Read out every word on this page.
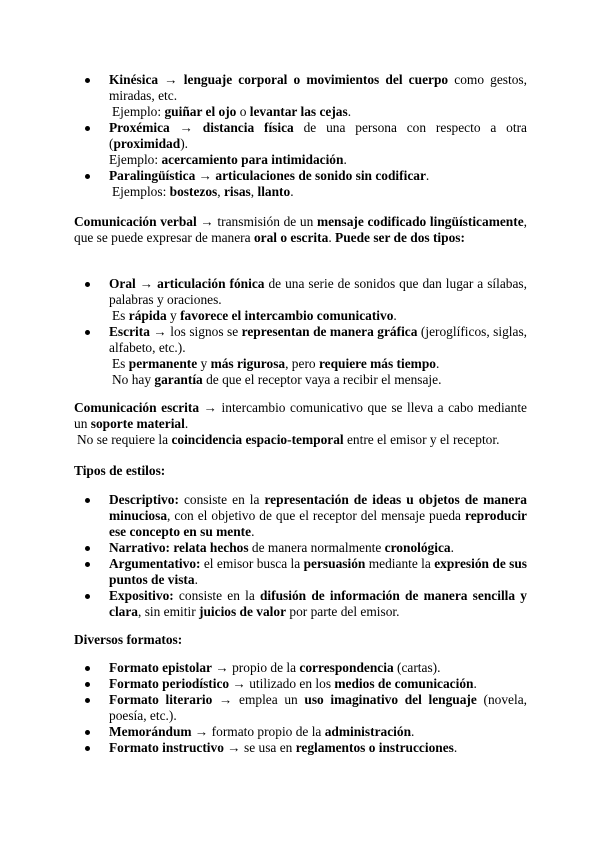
Kinésica → lenguaje corporal o movimientos del cuerpo como gestos, miradas, etc.
Ejemplo: guiñar el ojo o levantar las cejas.
Proxémica → distancia física de una persona con respecto a otra (proximidad).
Ejemplo: acercamiento para intimidación.
Paralingüística → articulaciones de sonido sin codificar.
Ejemplos: bostezos, risas, llanto.
Comunicación verbal → transmisión de un mensaje codificado lingüísticamente, que se puede expresar de manera oral o escrita. Puede ser de dos tipos:
Oral → articulación fónica de una serie de sonidos que dan lugar a sílabas, palabras y oraciones.
Es rápida y favorece el intercambio comunicativo.
Escrita → los signos se representan de manera gráfica (jeroglíficos, siglas, alfabeto, etc.).
Es permanente y más rigurosa, pero requiere más tiempo.
No hay garantía de que el receptor vaya a recibir el mensaje.
Comunicación escrita → intercambio comunicativo que se lleva a cabo mediante un soporte material.
No se requiere la coincidencia espacio-temporal entre el emisor y el receptor.
Tipos de estilos:
Descriptivo: consiste en la representación de ideas u objetos de manera minuciosa, con el objetivo de que el receptor del mensaje pueda reproducir ese concepto en su mente.
Narrativo: relata hechos de manera normalmente cronológica.
Argumentativo: el emisor busca la persuasión mediante la expresión de sus puntos de vista.
Expositivo: consiste en la difusión de información de manera sencilla y clara, sin emitir juicios de valor por parte del emisor.
Diversos formatos:
Formato epistolar → propio de la correspondencia (cartas).
Formato periodístico → utilizado en los medios de comunicación.
Formato literario → emplea un uso imaginativo del lenguaje (novela, poesía, etc.).
Memorándum → formato propio de la administración.
Formato instructivo → se usa en reglamentos o instrucciones.
